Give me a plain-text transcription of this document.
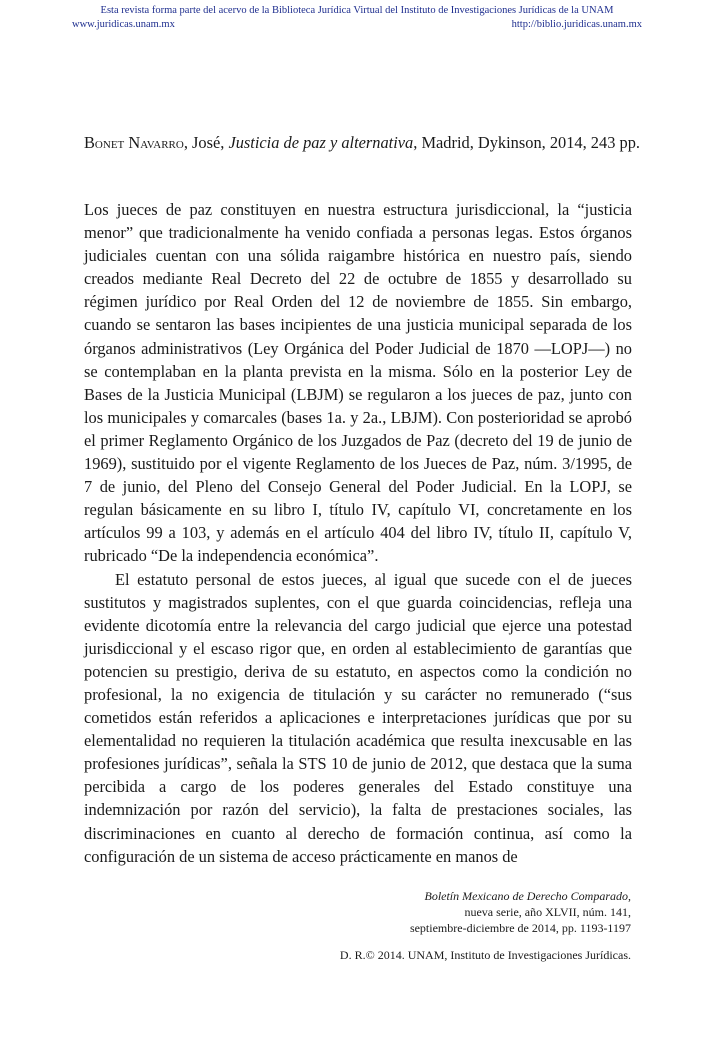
Esta revista forma parte del acervo de la Biblioteca Jurídica Virtual del Instituto de Investigaciones Jurídicas de la UNAM
www.juridicas.unam.mx	http://biblio.juridicas.unam.mx
Bonet Navarro, José, Justicia de paz y alternativa, Madrid, Dykinson, 2014, 243 pp.

Los jueces de paz constituyen en nuestra estructura jurisdiccional, la “justicia menor” que tradicionalmente ha venido confiada a personas legas. Estos órganos judiciales cuentan con una sólida raigambre histórica en nuestro país, siendo creados mediante Real Decreto del 22 de octubre de 1855 y desarrollado su régimen jurídico por Real Orden del 12 de noviembre de 1855. Sin embargo, cuando se sentaron las bases incipientes de una justicia municipal separada de los órganos administrativos (Ley Orgánica del Poder Judicial de 1870 —LOPJ—) no se contemplaban en la planta prevista en la misma. Sólo en la posterior Ley de Bases de la Justicia Municipal (LBJM) se regularon a los jueces de paz, junto con los municipales y comarcales (bases 1a. y 2a., LBJM). Con posterioridad se aprobó el primer Reglamento Orgánico de los Juzgados de Paz (decreto del 19 de junio de 1969), sustituido por el vigente Reglamento de los Jueces de Paz, núm. 3/1995, de 7 de junio, del Pleno del Consejo General del Poder Judicial. En la LOPJ, se regulan básicamente en su libro I, título IV, capítulo VI, concretamente en los artículos 99 a 103, y además en el artículo 404 del libro IV, título II, capítulo V, rubricado “De la independencia económica”.

El estatuto personal de estos jueces, al igual que sucede con el de jueces sustitutos y magistrados suplentes, con el que guarda coincidencias, refleja una evidente dicotomía entre la relevancia del cargo judicial que ejerce una potestad jurisdiccional y el escaso rigor que, en orden al establecimiento de garantías que potencien su prestigio, deriva de su estatuto, en aspectos como la condición no profesional, la no exigencia de titulación y su carácter no remunerado (“sus cometidos están referidos a aplicaciones e interpretaciones jurídicas que por su elementalidad no requieren la titulación académica que resulta inexcusable en las profesiones jurídicas”, señala la STS 10 de junio de 2012, que destaca que la suma percibida a cargo de los poderes generales del Estado constituye una indemnización por razón del servicio), la falta de prestaciones sociales, las discriminaciones en cuanto al derecho de formación continua, así como la configuración de un sistema de acceso prácticamente en manos de

Boletín Mexicano de Derecho Comparado,
nueva serie, año XLVII, núm. 141,
septiembre-diciembre de 2014, pp. 1193-1197
D. R.© 2014. UNAM, Instituto de Investigaciones Jurídicas.
